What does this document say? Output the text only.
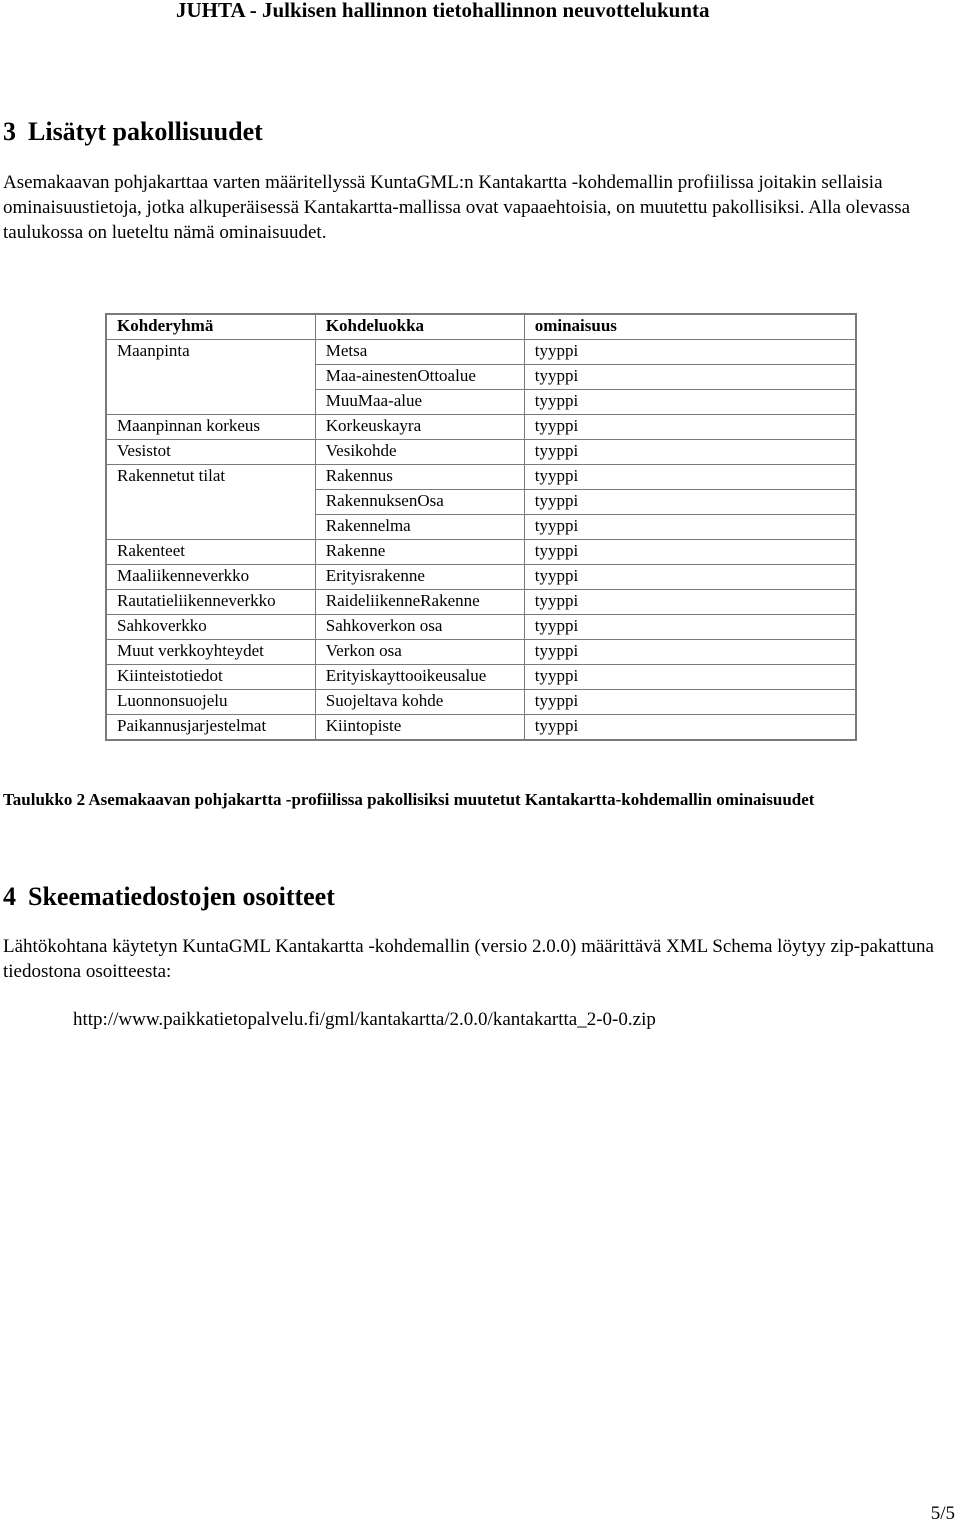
JUHTA - Julkisen hallinnon tietohallinnon neuvottelukunta
3 Lisätyt pakollisuudet
Asemakaavan pohjakarttaa varten määritellyssä KuntaGML:n Kantakartta -kohdemallin profiilissa joitakin sellaisia ominaisuustietoja, jotka alkuperäisessä Kantakartta-mallissa ovat vapaaehtoisia, on muutettu pakollisiksi. Alla olevassa taulukossa on lueteltu nämä ominaisuudet.
Kohderyhmä	Kohdeluokka	ominaisuus
Maanpinta	Metsa	tyyppi

	Maa-ainestenOttoalue	tyyppi

	MuuMaa-alue	tyyppi
Maanpinnan korkeus	Korkeuskayra	tyyppi
Vesistot	Vesikohde	tyyppi
Rakennetut tilat	Rakennus	tyyppi

	RakennuksenOsa	tyyppi

	Rakennelma	tyyppi
Rakenteet	Rakenne	tyyppi
Maaliikenneverkko	Erityisrakenne	tyyppi
Rautatieliikenneverkko	RaideliikenneRakenne	tyyppi
Sahkoverkko	Sahkoverkon osa	tyyppi
Muut verkkoyhteydet	Verkon osa	tyyppi
Kiinteistotiedot	Erityiskayttooikeusalue	tyyppi
Luonnonsuojelu	Suojeltava kohde	tyyppi
Paikannusjarjestelmat	Kiintopiste	tyyppi
Taulukko 2 Asemakaavan pohjakartta -profiilissa pakollisiksi muutetut Kantakartta-kohdemallin ominaisuudet
4 Skeematiedostojen osoitteet
Lähtökohtana käytetyn KuntaGML Kantakartta -kohdemallin (versio 2.0.0) määrittävä XML Schema löytyy zip-pakattuna tiedostona osoitteesta:
http://www.paikkatietopalvelu.fi/gml/kantakartta/2.0.0/kantakartta_2-0-0.zip
5/5
